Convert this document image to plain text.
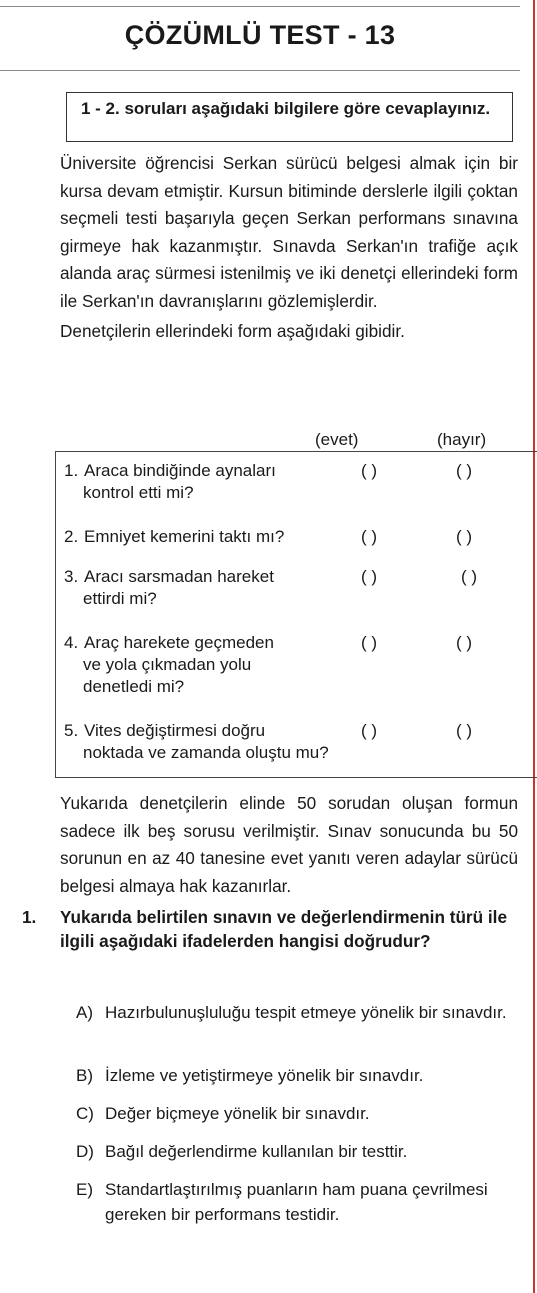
ÇÖZÜMLÜ TEST - 13
1 - 2. soruları aşağıdaki bilgilere göre cevaplayınız.
Üniversite öğrencisi Serkan sürücü belgesi almak için bir kursa devam etmiştir. Kursun bitiminde derslerle ilgili çoktan seçmeli testi başarıyla geçen Serkan performans sınavına girmeye hak kazanmıştır. Sınavda Serkan'ın trafiğe açık alanda araç sürmesi istenilmiş ve iki denetçi ellerindeki form ile Serkan'ın davranışlarını gözlemişlerdir.
Denetçilerin ellerindeki form aşağıdaki gibidir.
(evet)	(hayır)
1. Araca bindiğinde aynaları
kontrol etti mi?
( )	( )
2. Emniyet kemerini taktı mı?	( )	( )
3. Aracı sarsmadan hareket
ettirdi mi?
( )	( )
4. Araç harekete geçmeden
ve yola çıkmadan yolu denetledi mi?
( )	( )
5. Vites değiştirmesi doğru
noktada ve zamanda oluştu mu?
( )	( )
Yukarıda denetçilerin elinde 50 sorudan oluşan formun sadece ilk beş sorusu verilmiştir. Sınav sonucunda bu 50 sorunun en az 40 tanesine evet yanıtı veren adaylar sürücü belgesi almaya hak kazanırlar.
1. Yukarıda belirtilen sınavın ve değerlendirmenin türü ile ilgili aşağıdaki ifadelerden hangisi doğrudur?
A) Hazırbulunuşluluğu tespit etmeye yönelik bir sınavdır.
B) İzleme ve yetiştirmeye yönelik bir sınavdır.
C) Değer biçmeye yönelik bir sınavdır.
D) Bağıl değerlendirme kullanılan bir testtir.
E) Standartlaştırılmış puanların ham puana çevrilmesi gereken bir performans testidir.
